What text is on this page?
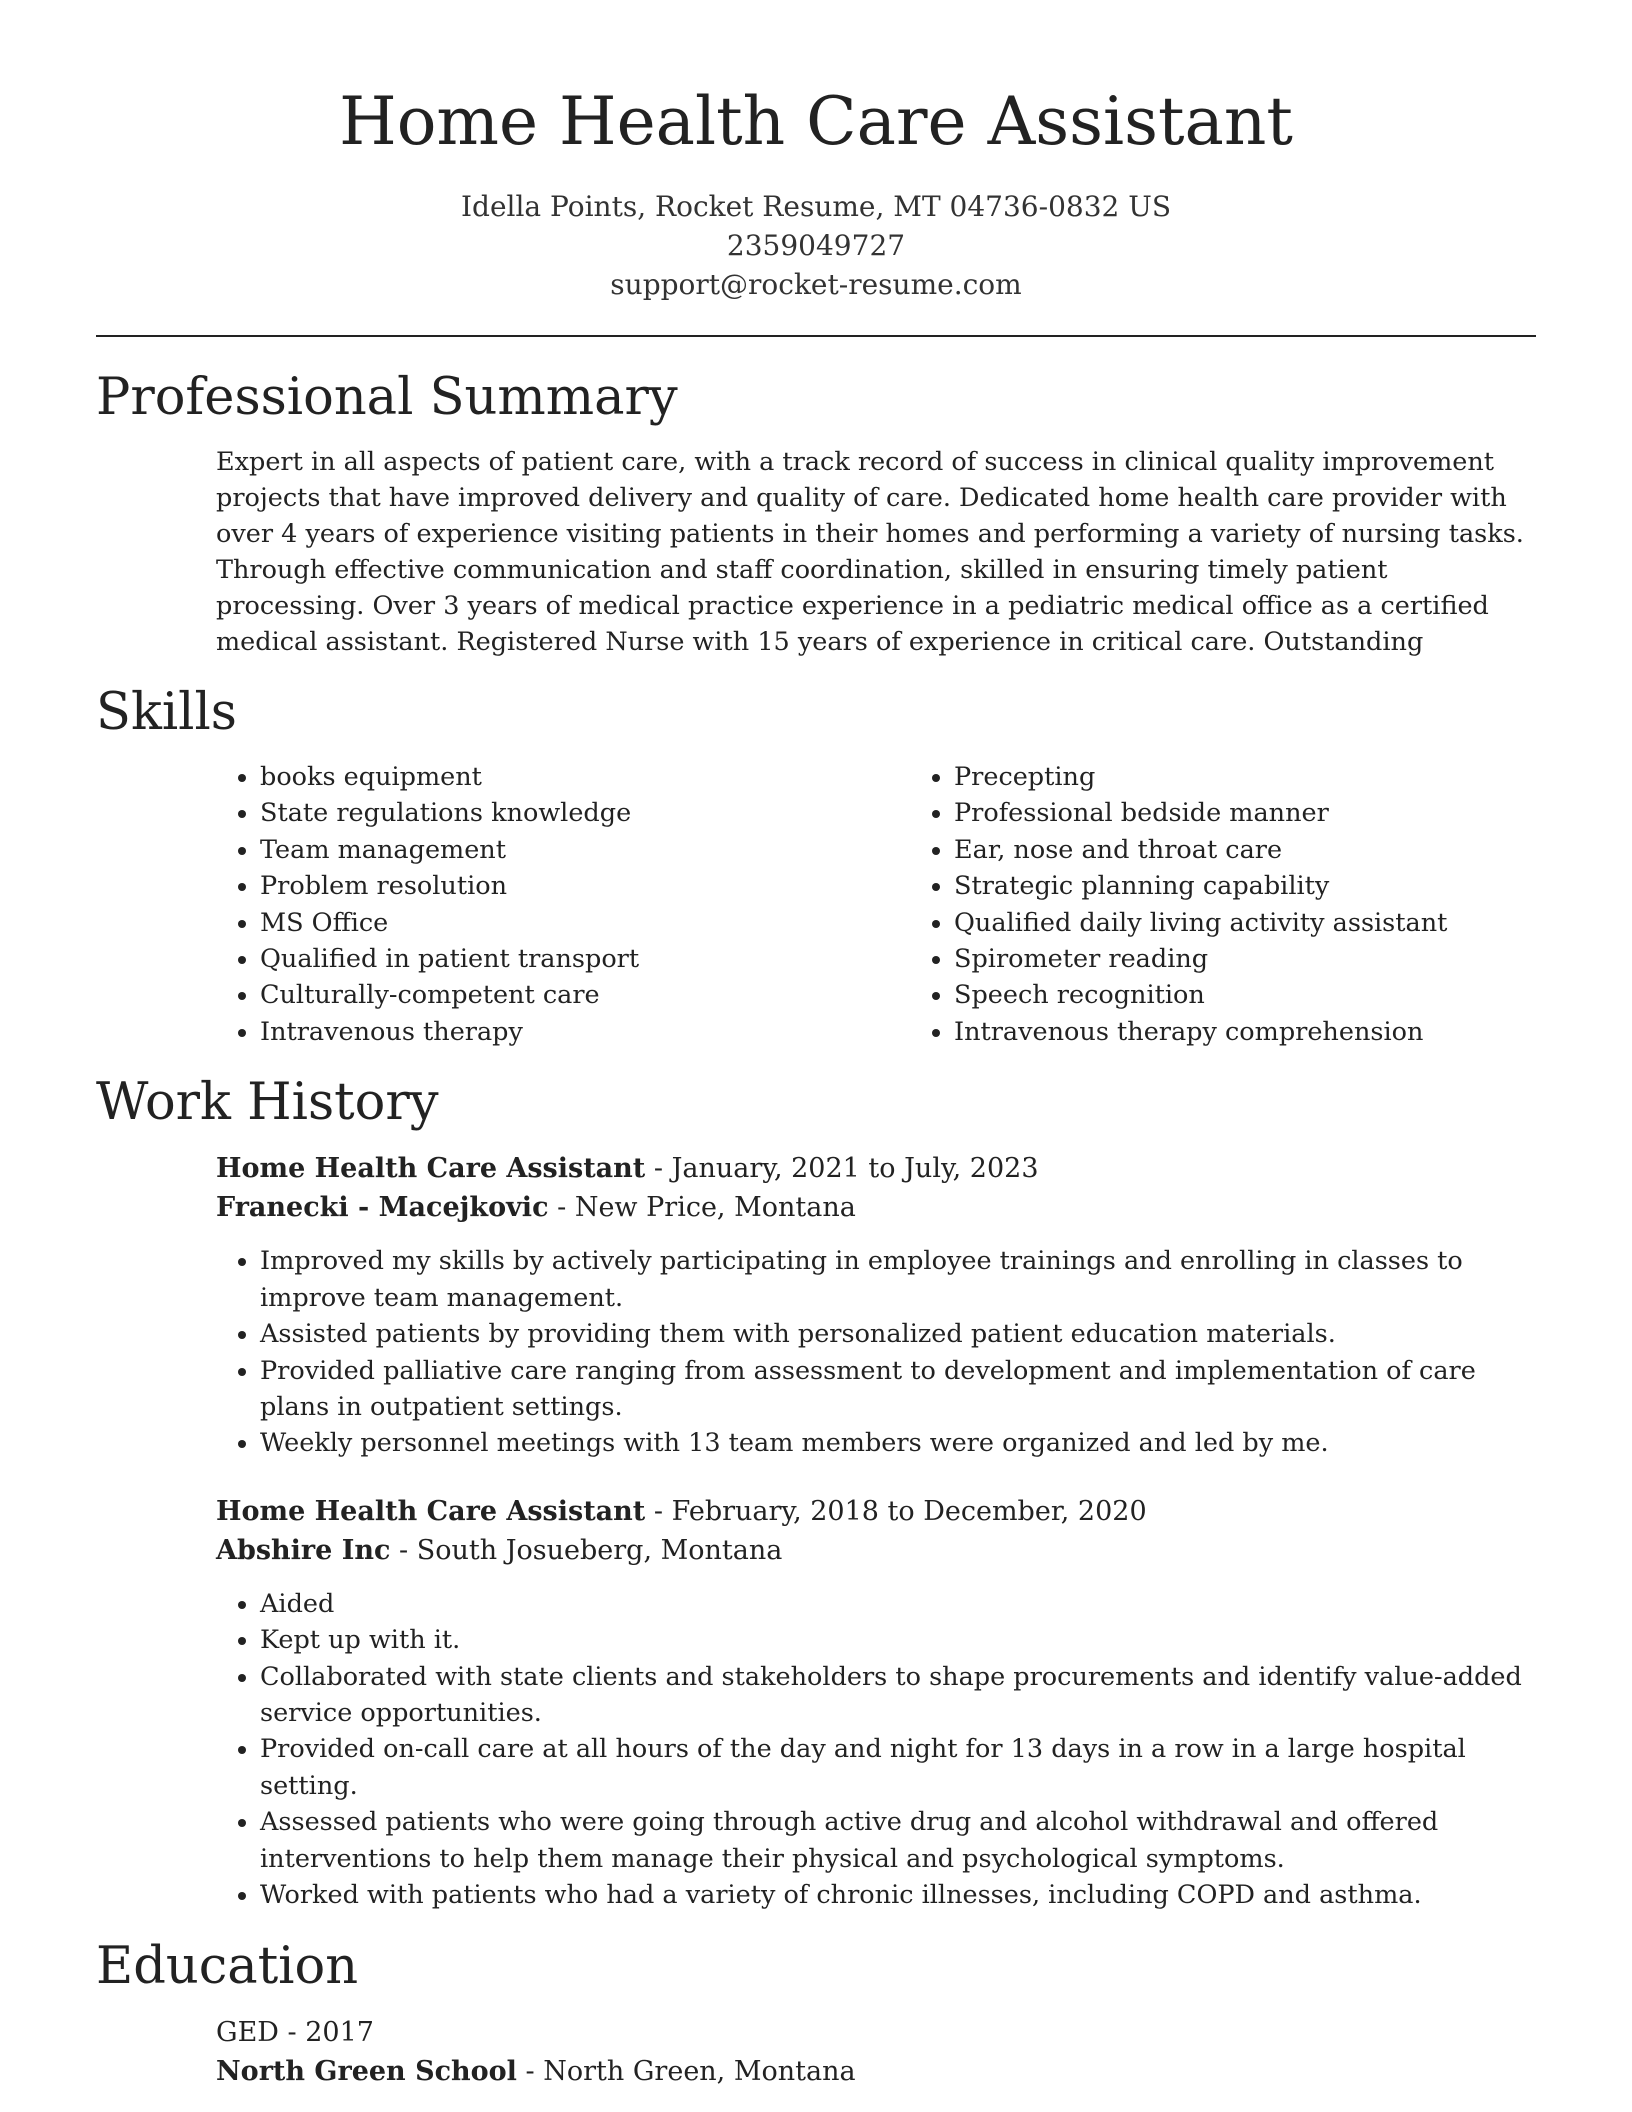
Home Health Care Assistant
Idella Points, Rocket Resume, MT 04736-0832 US
2359049727
support@rocket-resume.com
Professional Summary

Expert in all aspects of patient care, with a track record of success in clinical quality improvement projects that have improved delivery and quality of care. Dedicated home health care provider with over 4 years of experience visiting patients in their homes and performing a variety of nursing tasks. Through effective communication and staff coordination, skilled in ensuring timely patient processing. Over 3 years of medical practice experience in a pediatric medical office as a certified medical assistant. Registered Nurse with 15 years of experience in critical care. Outstanding

Skills
• books equipment
• State regulations knowledge
• Team management
• Problem resolution
• MS Office
• Qualified in patient transport
• Culturally-competent care
• Intravenous therapy
• Precepting
• Professional bedside manner
• Ear, nose and throat care
• Strategic planning capability
• Qualified daily living activity assistant
• Spirometer reading
• Speech recognition
• Intravenous therapy comprehension
Work History
Home Health Care Assistant - January, 2021 to July, 2023
Franecki - Macejkovic - New Price, Montana
• Improved my skills by actively participating in employee trainings and enrolling in classes to improve team management.
• Assisted patients by providing them with personalized patient education materials.
• Provided palliative care ranging from assessment to development and implementation of care plans in outpatient settings.
• Weekly personnel meetings with 13 team members were organized and led by me.
Home Health Care Assistant - February, 2018 to December, 2020
Abshire Inc - South Josueberg, Montana
• Aided
• Kept up with it.
• Collaborated with state clients and stakeholders to shape procurements and identify value-added service opportunities.
• Provided on-call care at all hours of the day and night for 13 days in a row in a large hospital setting.
• Assessed patients who were going through active drug and alcohol withdrawal and offered interventions to help them manage their physical and psychological symptoms.
• Worked with patients who had a variety of chronic illnesses, including COPD and asthma.
Education
GED - 2017
North Green School - North Green, Montana
